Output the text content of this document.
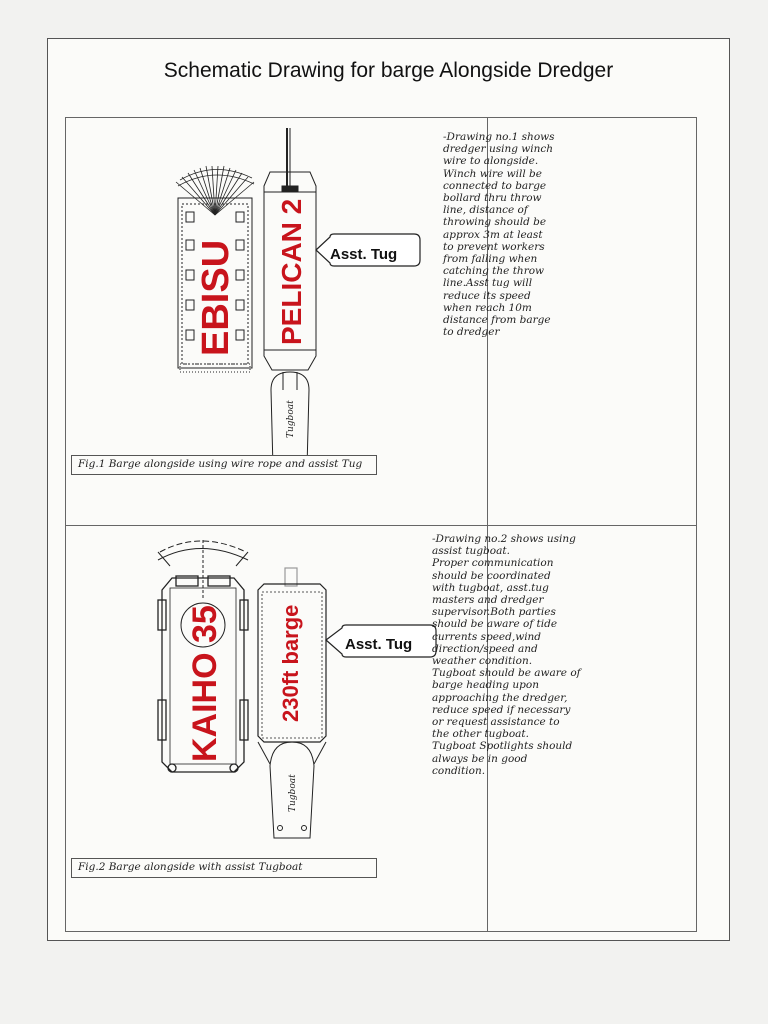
Schematic Drawing for barge Alongside Dredger
EBISU PELICAN 2
Tugboat
Asst. Tug
KAIHO 35 230ft barge
Tugboat
Asst. Tug
-Drawing no.1 shows
dredger using winch
wire to alongside.
Winch wire will be
connected to barge
bollard thru throw
line, distance of
throwing should be
approx 3m at least
to prevent workers
from falling when
catching the throw
line.Asst tug will
reduce its speed
when reach 10m
distance from barge
to dredger
-Drawing no.2 shows using
assist tugboat.
Proper communication
should be coordinated
with tugboat, asst.tug
masters and dredger
supervisor.Both parties
should be aware of tide
currents speed,wind
direction/speed and
weather condition.
Tugboat should be aware of
barge heading upon
approaching the dredger,
reduce speed if necessary
or request assistance to
the other tugboat.
Tugboat Spotlights should
always be in good
condition.
Fig.1 Barge alongside using wire rope and assist Tug
Fig.2 Barge alongside with assist Tugboat
